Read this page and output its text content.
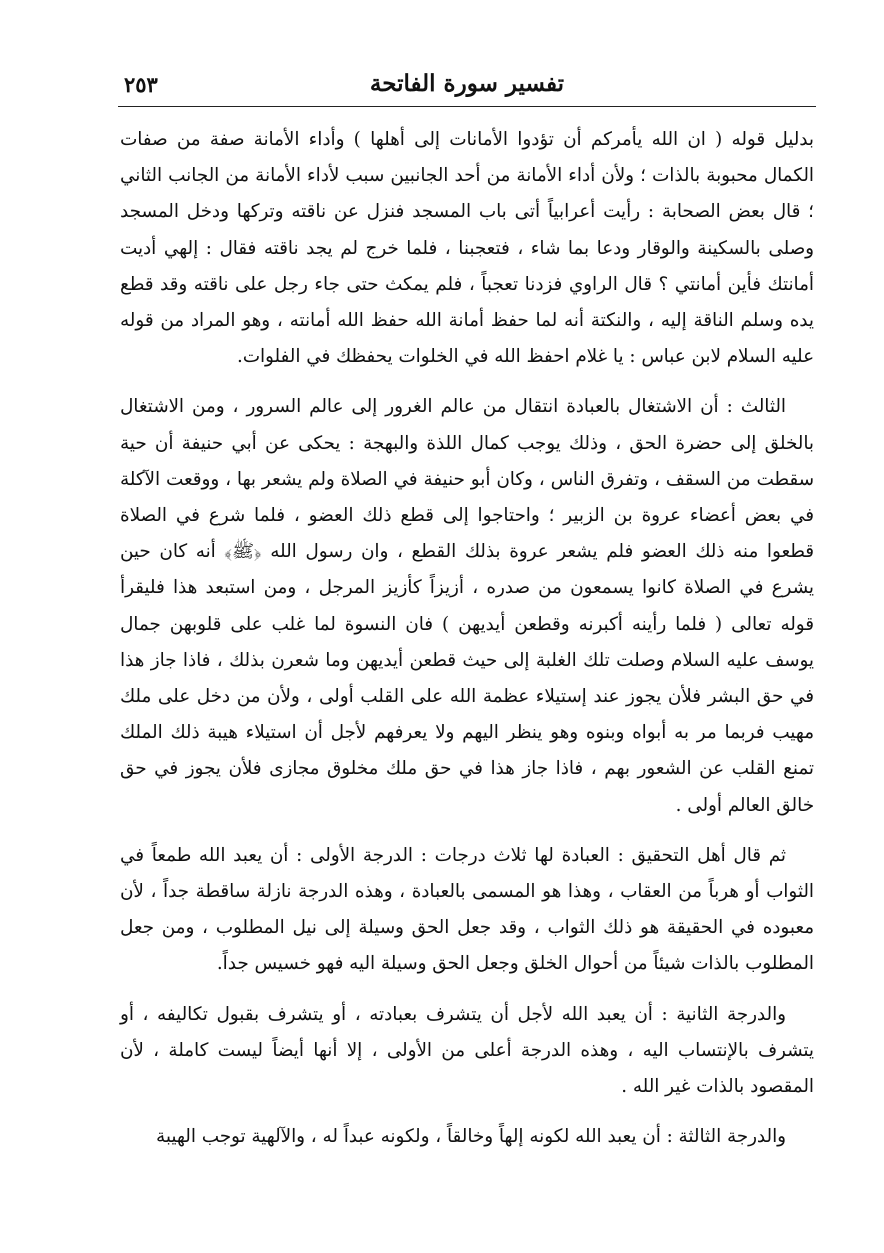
تفسير سورة الفاتحة
٢٥٣

بدليل قوله ( ان الله يأمركم أن تؤدوا الأمانات إلى أهلها ) وأداء الأمانة صفة من صفات الكمال محبوبة بالذات ؛ ولأن أداء الأمانة من أحد الجانبين سبب لأداء الأمانة من الجانب الثاني ؛ قال بعض الصحابة : رأيت أعرابياً أتى باب المسجد فنزل عن ناقته وتركها ودخل المسجد وصلى بالسكينة والوقار ودعا بما شاء ، فتعجبنا ، فلما خرج لم يجد ناقته فقال : إلهي أديت أمانتك فأين أمانتي ؟ قال الراوي فزدنا تعجباً ، فلم يمكث حتى جاء رجل على ناقته وقد قطع يده وسلم الناقة إليه ، والنكتة أنه لما حفظ أمانة الله حفظ الله أمانته ، وهو المراد من قوله عليه السلام لابن عباس : يا غلام احفظ الله في الخلوات يحفظك في الفلوات.

الثالث : أن الاشتغال بالعبادة انتقال من عالم الغرور إلى عالم السرور ، ومن الاشتغال بالخلق إلى حضرة الحق ، وذلك يوجب كمال اللذة والبهجة : يحكى عن أبي حنيفة أن حية سقطت من السقف ، وتفرق الناس ، وكان أبو حنيفة في الصلاة ولم يشعر بها ، ووقعت الآكلة في بعض أعضاء عروة بن الزبير ؛ واحتاجوا إلى قطع ذلك العضو ، فلما شرع في الصلاة قطعوا منه ذلك العضو فلم يشعر عروة بذلك القطع ، وان رسول الله ﴿ﷺ﴾ أنه كان حين يشرع في الصلاة كانوا يسمعون من صدره ، أزيزاً كأزيز المرجل ، ومن استبعد هذا فليقرأ قوله تعالى ( فلما رأينه أكبرنه وقطعن أيديهن ) فان النسوة لما غلب على قلوبهن جمال يوسف عليه السلام وصلت تلك الغلبة إلى حيث قطعن أيديهن وما شعرن بذلك ، فاذا جاز هذا في حق البشر فلأن يجوز عند إستيلاء عظمة الله على القلب أولى ، ولأن من دخل على ملك مهيب فربما مر به أبواه وبنوه وهو ينظر اليهم ولا يعرفهم لأجل أن استيلاء هيبة ذلك الملك تمنع القلب عن الشعور بهم ، فاذا جاز هذا في حق ملك مخلوق مجازى فلأن يجوز في حق خالق العالم أولى .

ثم قال أهل التحقيق : العبادة لها ثلاث درجات : الدرجة الأولى : أن يعبد الله طمعاً في الثواب أو هرباً من العقاب ، وهذا هو المسمى بالعبادة ، وهذه الدرجة نازلة ساقطة جداً ، لأن معبوده في الحقيقة هو ذلك الثواب ، وقد جعل الحق وسيلة إلى نيل المطلوب ، ومن جعل المطلوب بالذات شيئاً من أحوال الخلق وجعل الحق وسيلة اليه فهو خسيس جداً.

والدرجة الثانية : أن يعبد الله لأجل أن يتشرف بعبادته ، أو يتشرف بقبول تكاليفه ، أو يتشرف بالإنتساب اليه ، وهذه الدرجة أعلى من الأولى ، إلا أنها أيضاً ليست كاملة ، لأن المقصود بالذات غير الله .

والدرجة الثالثة : أن يعبد الله لكونه إلهاً وخالقاً ، ولكونه عبداً له ، والآلهية توجب الهيبة
